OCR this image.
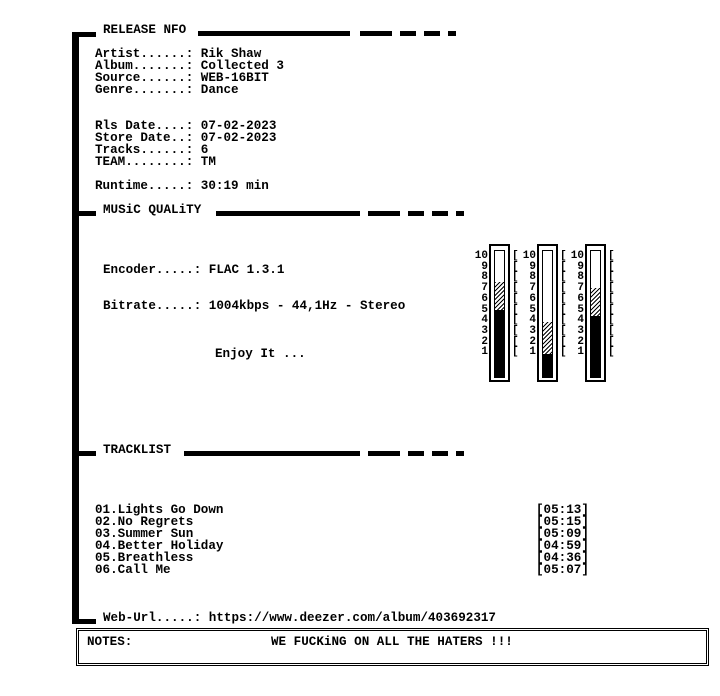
RELEASE NFO
Artist......: Rik Shaw
Album.......: Collected 3
Source......: WEB-16BIT
Genre.......: Dance
Rls Date....: 07-02-2023
Store Date..: 07-02-2023
Tracks......: 6
TEAM........: TM
Runtime.....: 30:19 min
MUSiC QUALiTY
Encoder.....: FLAC 1.3.1
Bitrate.....: 1004kbps - 44,1Hz - Stereo
Enjoy It ...
10
9
8
7
6
5
4
3
2
1
[
[
[
[
[
[
[
[
[
[
10
9
8
7
6
5
4
3
2
1
[
[
[
[
[
[
[
[
[
[
10
9
8
7
6
5
4
3
2
1
[
[
[
[
[
[
[
[
[
[
TRACKLIST
01.Lights Go Down	[05:13]
02.No Regrets	[05:15]
03.Summer Sun	[05:09]
04.Better Holiday	[04:59]
05.Breathless	[04:36]
06.Call Me	[05:07]
Web-Url.....: https://www.deezer.com/album/403692317
NOTES:	WE FUCKiNG ON ALL THE HATERS !!!
